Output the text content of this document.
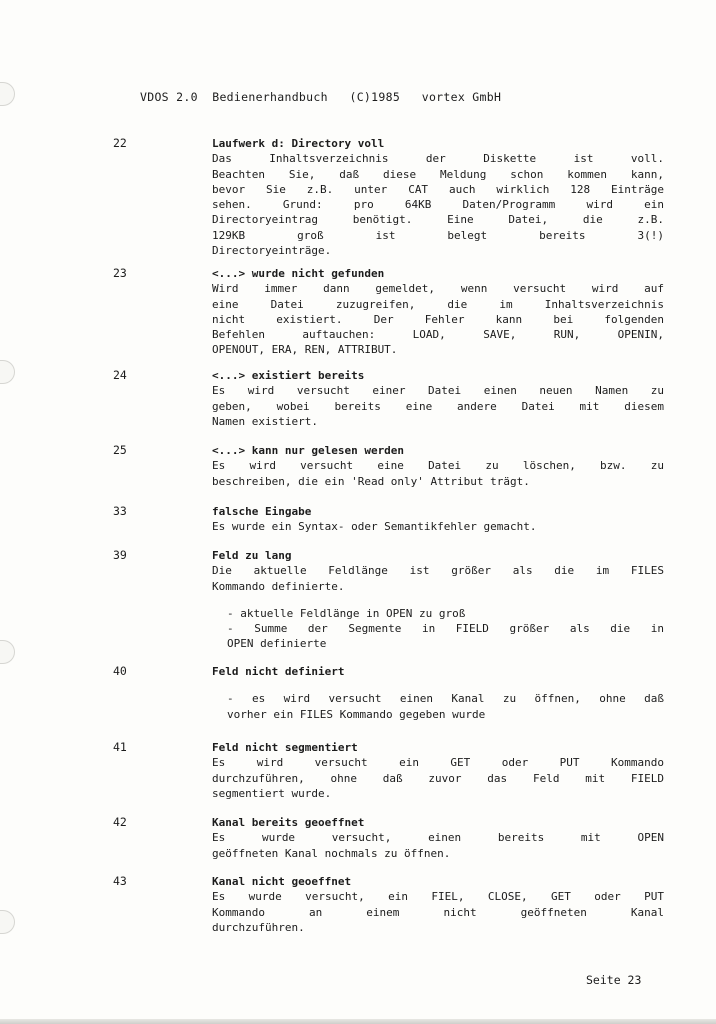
VDOS 2.0  Bedienerhandbuch   (C)1985   vortex GmbH
22	Laufwerk d: Directory voll
Das Inhaltsverzeichnis der Diskette ist voll.
Beachten Sie, daß diese Meldung schon kommen kann,
bevor Sie z.B. unter CAT auch wirklich 128 Einträge
sehen. Grund: pro 64KB Daten/Programm wird ein
Directoryeintrag benötigt. Eine Datei, die z.B.
129KB groß ist belegt bereits 3(!)
Directoryeinträge.
23	<...> wurde nicht gefunden
Wird immer dann gemeldet, wenn versucht wird auf
eine Datei zuzugreifen, die im Inhaltsverzeichnis
nicht existiert. Der Fehler kann bei folgenden
Befehlen auftauchen: LOAD, SAVE, RUN, OPENIN,
OPENOUT, ERA, REN, ATTRIBUT.
24	<...> existiert bereits
Es wird versucht einer Datei einen neuen Namen zu
geben, wobei bereits eine andere Datei mit diesem
Namen existiert.
25	<...> kann nur gelesen werden
Es wird versucht eine Datei zu löschen, bzw. zu
beschreiben, die ein 'Read only' Attribut trägt.
33	falsche Eingabe
Es wurde ein Syntax- oder Semantikfehler gemacht.
39	Feld zu lang
Die aktuelle Feldlänge ist größer als die im FILES
Kommando definierte.
- aktuelle Feldlänge in OPEN zu groß
- Summe der Segmente in FIELD größer als die in
OPEN definierte
40	Feld nicht definiert
- es wird versucht einen Kanal zu öffnen, ohne daß
vorher ein FILES Kommando gegeben wurde
41	Feld nicht segmentiert
Es wird versucht ein GET oder PUT Kommando
durchzuführen, ohne daß zuvor das Feld mit FIELD
segmentiert wurde.
42	Kanal bereits geoeffnet
Es wurde versucht, einen bereits mit OPEN
geöffneten Kanal nochmals zu öffnen.
43	Kanal nicht geoeffnet
Es wurde versucht, ein FIEL, CLOSE, GET oder PUT
Kommando an einem nicht geöffneten Kanal
durchzuführen.
Seite 23
